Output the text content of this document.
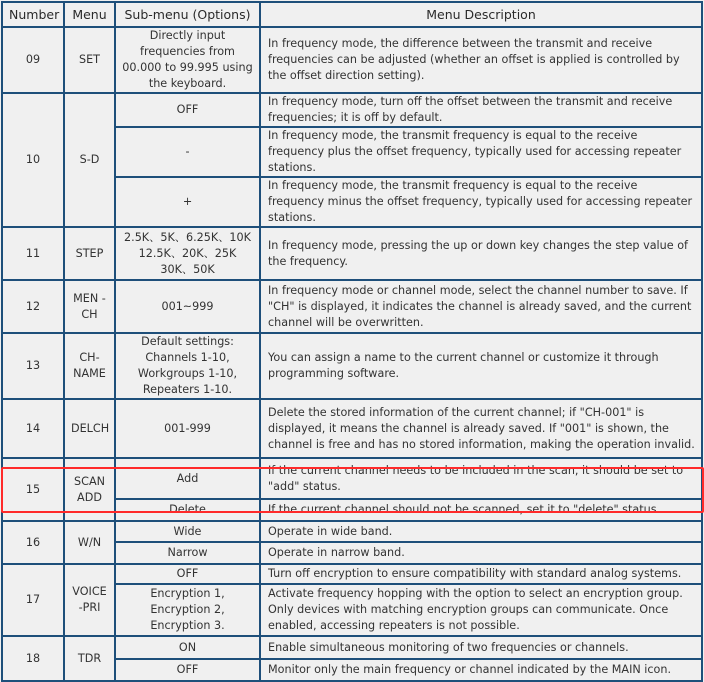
Number	Menu	Sub-menu (Options)	Menu Description
09	SET	Directly input frequencies from 00.000 to 99.995 using the keyboard.	In frequency mode, the difference between the transmit and receive frequencies can be adjusted (whether an offset is applied is controlled by the offset direction setting).
10	S-D	OFF	In frequency mode, turn off the offset between the transmit and receive frequencies; it is off by default.
		-	In frequency mode, the transmit frequency is equal to the receive frequency plus the offset frequency, typically used for accessing repeater stations.
		+	In frequency mode, the transmit frequency is equal to the receive frequency minus the offset frequency, typically used for accessing repeater stations.
11	STEP	2.5K、5K、6.25K、10K 12.5K、20K、25K 30K、50K	In frequency mode, pressing the up or down key changes the step value of the frequency.
12	MEN -CH	001~999	In frequency mode or channel mode, select the channel number to save. If "CH" is displayed, it indicates the channel is already saved, and the current channel will be overwritten.
13	CH- NAME	Default settings: Channels 1-10, Workgroups 1-10, Repeaters 1-10.	You can assign a name to the current channel or customize it through programming software.
14	DELCH	001-999	Delete the stored information of the current channel; if "CH-001" is displayed, it means the channel is already saved. If "001" is shown, the channel is free and has no stored information, making the operation invalid.
15	SCAN ADD	Add	If the current channel needs to be included in the scan, it should be set to "add" status.
		Delete	If the current channel should not be scanned, set it to "delete" status.
16	W/N	Wide	Operate in wide band.
		Narrow	Operate in narrow band.
17	VOICE -PRI	OFF	Turn off encryption to ensure compatibility with standard analog systems.
		Encryption 1, Encryption 2, Encryption 3.	Activate frequency hopping with the option to select an encryption group. Only devices with matching encryption groups can communicate. Once enabled, accessing repeaters is not possible.
18	TDR	ON	Enable simultaneous monitoring of two frequencies or channels.
		OFF	Monitor only the main frequency or channel indicated by the MAIN icon.
